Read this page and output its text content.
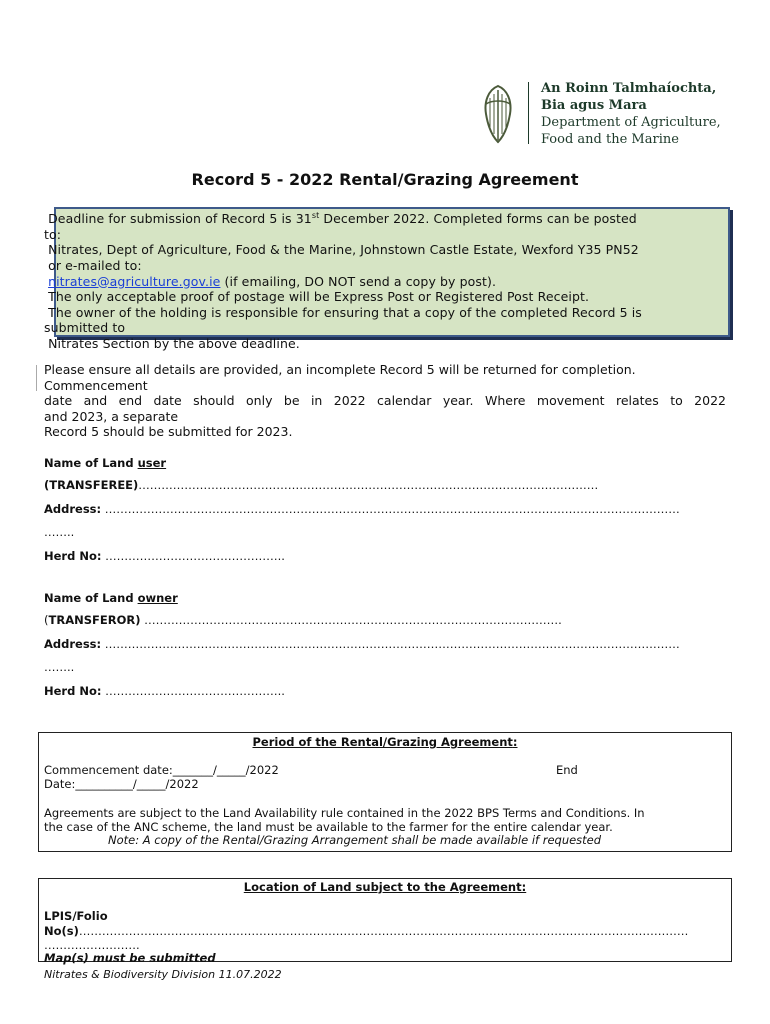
An Roinn Talmhaíochta,
Bia agus Mara
Department of Agriculture,
Food and the Marine
Record 5 - 2022 Rental/Grazing Agreement
Deadline for submission of Record 5 is 31st December 2022. Completed forms can be posted
to:
Nitrates, Dept of Agriculture, Food & the Marine, Johnstown Castle Estate, Wexford Y35 PN52
or e-mailed to:
nitrates@agriculture.gov.ie (if emailing, DO NOT send a copy by post).
The only acceptable proof of postage will be Express Post or Registered Post Receipt.
The owner of the holding is responsible for ensuring that a copy of the completed Record 5 is
submitted to
Nitrates Section by the above deadline.
Please ensure all details are provided, an incomplete Record 5 will be returned for completion.
Commencement
date and end date should only be in 2022 calendar year. Where movement relates to 2022
and 2023, a separate
Record 5 should be submitted for 2023.
Name of Land user
(TRANSFEREE)…………………………………………………………………………………………………………
Address: ……………………………………………………………………………………………………………………………………
……..
Herd No: ………………………………………..
Name of Land owner
(TRANSFEROR) ……………………………………………………………………………………………….
Address: ……………………………………………………………………………………………………………………………………
……..
Herd No: ………………………………………..
Period of the Rental/Grazing Agreement:
Commencement date:_______/_____/2022	End
Date:__________/_____/2022
Agreements are subject to the Land Availability rule contained in the 2022 BPS Terms and Conditions. In
the case of the ANC scheme, the land must be available to the farmer for the entire calendar year.
Note: A copy of the Rental/Grazing Arrangement shall be made available if requested
Location of Land subject to the Agreement:
LPIS/Folio
No(s)……………………………………………………………………………………………………………………………………………
…………………….
Map(s) must be submitted
Nitrates & Biodiversity Division 11.07.2022
